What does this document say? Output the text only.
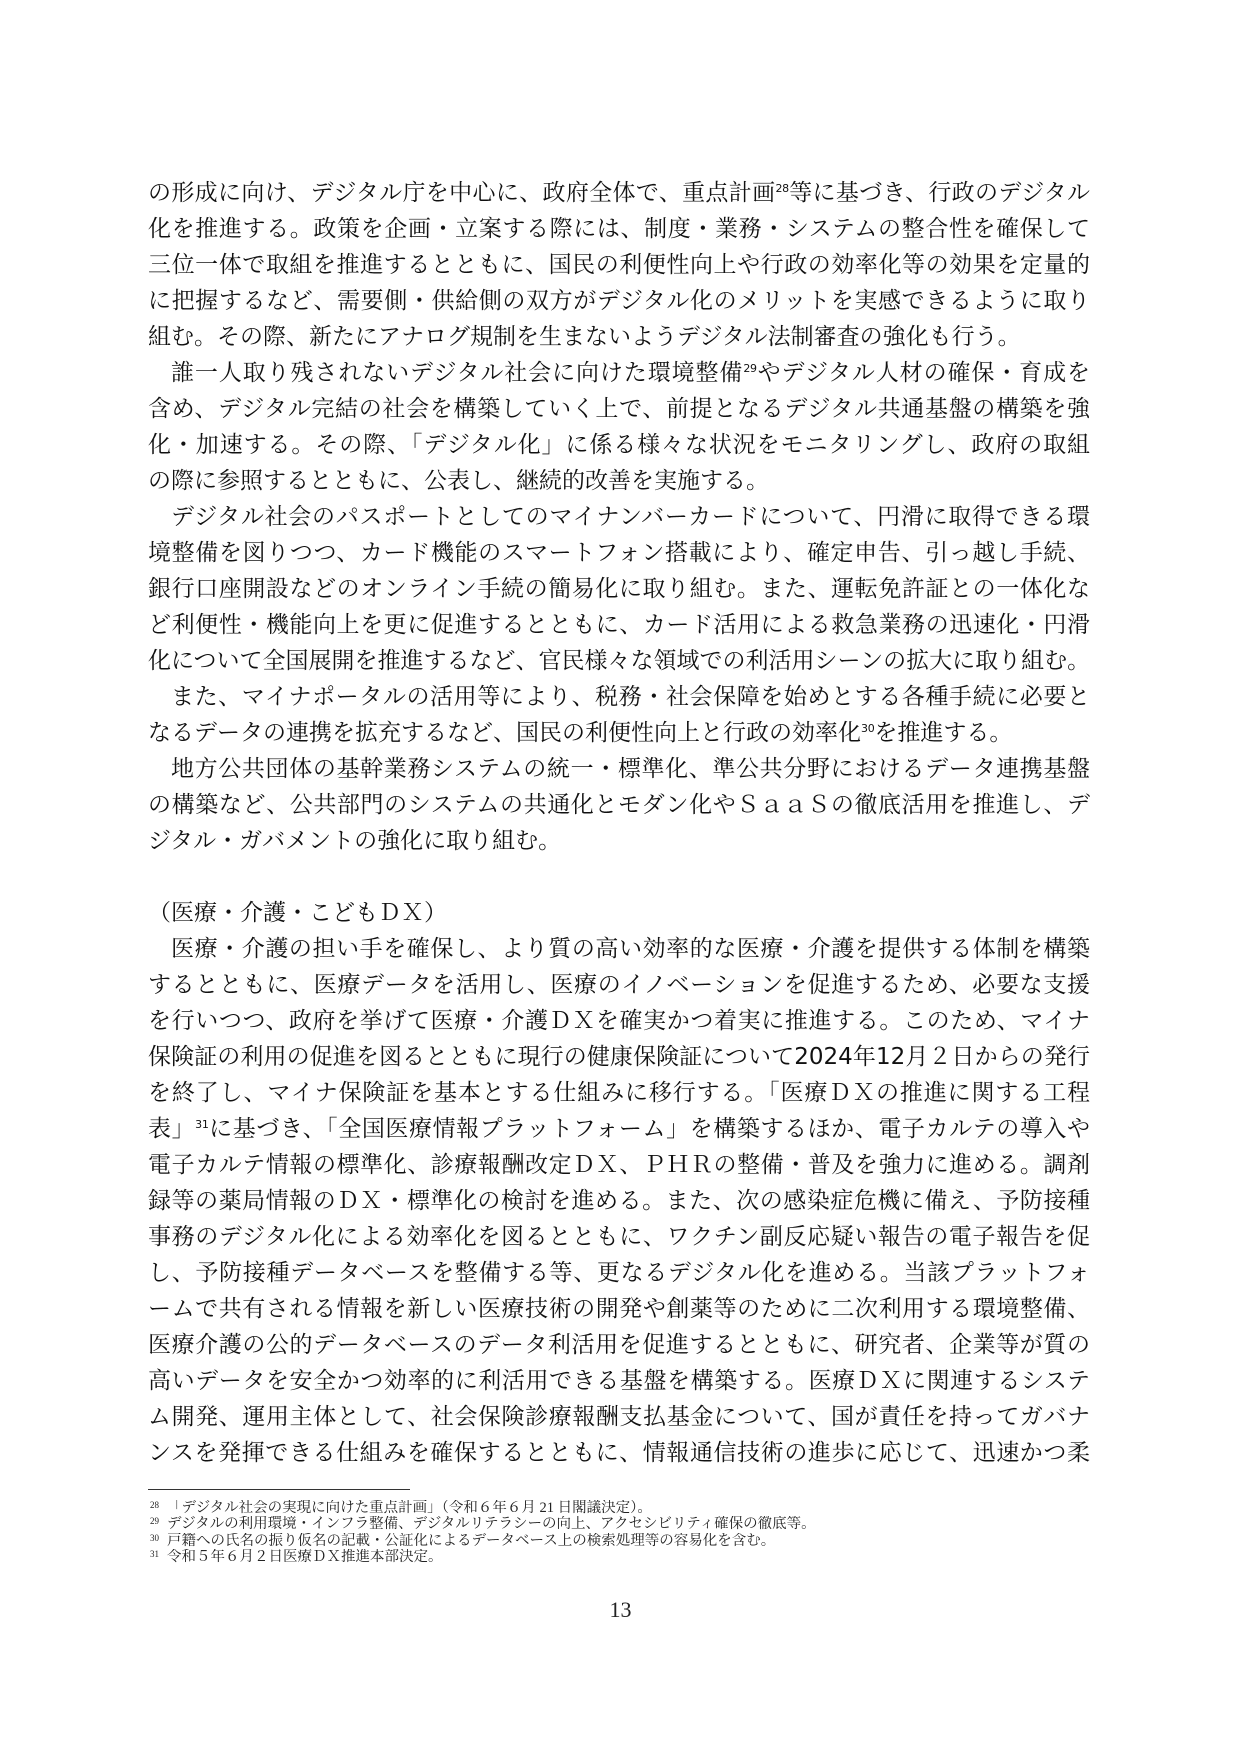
の形成に向け、デジタル庁を中心に、政府全体で、重点計画$^{28}$等に基づき、行政のデジタル
化を推進する。政策を企画・立案する際には、制度・業務・システムの整合性を確保して
三位一体で取組を推進するとともに、国民の利便性向上や行政の効率化等の効果を定量的
に把握するなど、需要側・供給側の双方がデジタル化のメリットを実感できるように取り
組む。その際、新たにアナログ規制を生まないようデジタル法制審査の強化も行う。
誰一人取り残されないデジタル社会に向けた環境整備$^{29}$やデジタル人材の確保・育成を
含め、デジタル完結の社会を構築していく上で、前提となるデジタル共通基盤の構築を強
化・加速する。その際、「デジタル化」に係る様々な状況をモニタリングし、政府の取組
の際に参照するとともに、公表し、継続的改善を実施する。
デジタル社会のパスポートとしてのマイナンバーカードについて、円滑に取得できる環
境整備を図りつつ、カード機能のスマートフォン搭載により、確定申告、引っ越し手続、
銀行口座開設などのオンライン手続の簡易化に取り組む。また、運転免許証との一体化な
ど利便性・機能向上を更に促進するとともに、カード活用による救急業務の迅速化・円滑
化について全国展開を推進するなど、官民様々な領域での利活用シーンの拡大に取り組む。
また、マイナポータルの活用等により、税務・社会保障を始めとする各種手続に必要と
なるデータの連携を拡充するなど、国民の利便性向上と行政の効率化$^{30}$を推進する。
地方公共団体の基幹業務システムの統一・標準化、準公共分野におけるデータ連携基盤
の構築など、公共部門のシステムの共通化とモダン化やＳａａＳの徹底活用を推進し、デ
ジタル・ガバメントの強化に取り組む。
（医療・介護・こどもＤＸ）
医療・介護の担い手を確保し、より質の高い効率的な医療・介護を提供する体制を構築
するとともに、医療データを活用し、医療のイノベーションを促進するため、必要な支援
を行いつつ、政府を挙げて医療・介護ＤＸを確実かつ着実に推進する。このため、マイナ
保険証の利用の促進を図るとともに現行の健康保険証について2024年12月２日からの発行
を終了し、マイナ保険証を基本とする仕組みに移行する。「医療ＤＸの推進に関する工程
表」$^{31}$に基づき、「全国医療情報プラットフォーム」を構築するほか、電子カルテの導入や
電子カルテ情報の標準化、診療報酬改定ＤＸ、ＰＨＲの整備・普及を強力に進める。調剤
録等の薬局情報のＤＸ・標準化の検討を進める。また、次の感染症危機に備え、予防接種
事務のデジタル化による効率化を図るとともに、ワクチン副反応疑い報告の電子報告を促
し、予防接種データベースを整備する等、更なるデジタル化を進める。当該プラットフォ
ームで共有される情報を新しい医療技術の開発や創薬等のために二次利用する環境整備、
医療介護の公的データベースのデータ利活用を促進するとともに、研究者、企業等が質の
高いデータを安全かつ効率的に利活用できる基盤を構築する。医療ＤＸに関連するシステ
ム開発、運用主体として、社会保険診療報酬支払基金について、国が責任を持ってガバナ
ンスを発揮できる仕組みを確保するとともに、情報通信技術の進歩に応じて、迅速かつ柔
28 「デジタル社会の実現に向けた重点計画」（令和６年６月 21 日閣議決定）。
29 デジタルの利用環境・インフラ整備、デジタルリテラシーの向上、アクセシビリティ確保の徹底等。
30 戸籍への氏名の振り仮名の記載・公証化によるデータベース上の検索処理等の容易化を含む。
31 令和５年６月２日医療ＤＸ推進本部決定。
13
